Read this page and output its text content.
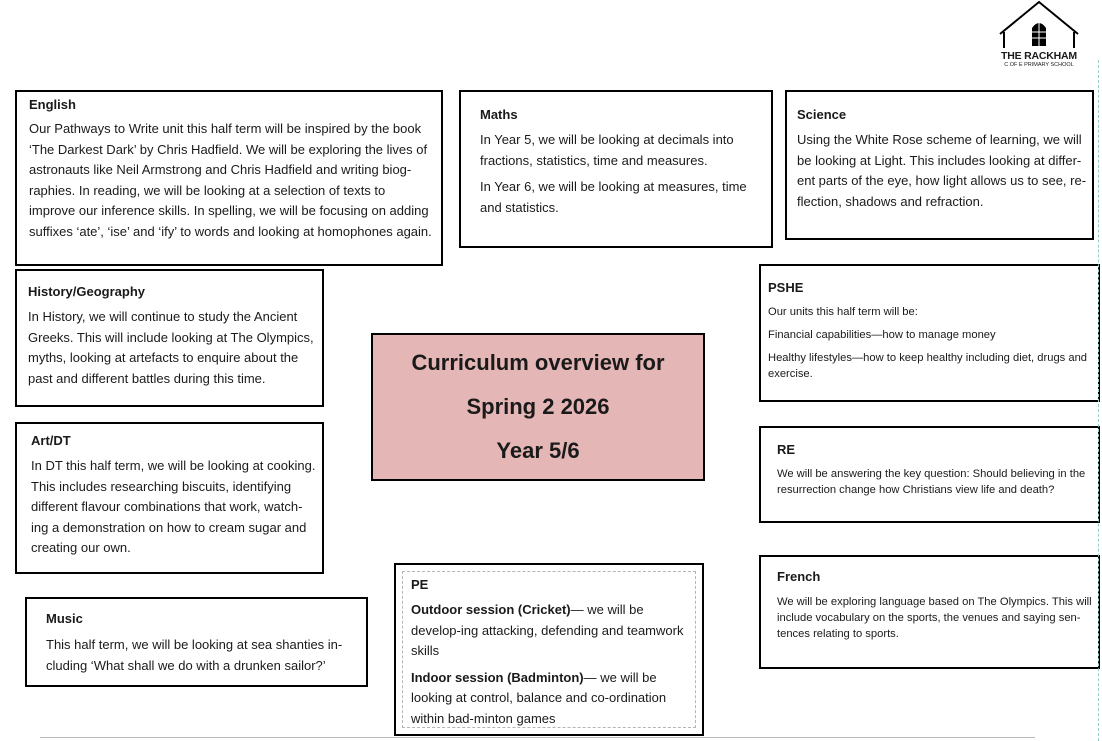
THE RACKHAM
C OF E PRIMARY SCHOOL
English
Our Pathways to Write unit this half term will be inspired by the book ‘The Darkest Dark’ by Chris Hadfield. We will be exploring the lives of astronauts like Neil Armstrong and Chris Hadfield and writing biog-raphies. In reading, we will be looking at a selection of texts to improve our inference skills. In spelling, we will be focusing on adding suffixes ‘ate’, ‘ise’ and ‘ify’ to words and looking at homophones again.
Maths

In Year 5, we will be looking at decimals into fractions, statistics, time and measures.

In Year 6, we will be looking at measures, time and statistics.

Science
Using the White Rose scheme of learning, we will be looking at Light. This includes looking at differ-ent parts of the eye, how light allows us to see, re-flection, shadows and refraction.
History/Geography
In History, we will continue to study the Ancient Greeks. This will include looking at The Olympics, myths, looking at artefacts to enquire about the past and different battles during this time.
PSHE

Our units this half term will be:

Financial capabilities—how to manage money

Healthy lifestyles—how to keep healthy including diet, drugs and exercise.

Curriculum overview for
Spring 2 2026
Year 5/6
Art/DT
In DT this half term, we will be looking at cooking. This includes researching biscuits, identifying different flavour combinations that work, watch-ing a demonstration on how to cream sugar and creating our own.
RE
We will be answering the key question: Should believing in the resurrection change how Christians view life and death?
Music
This half term, we will be looking at sea shanties in-cluding ‘What shall we do with a drunken sailor?’
PE

Outdoor session (Cricket)— we will be develop-ing attacking, defending and teamwork skills

Indoor session (Badminton)— we will be looking at control, balance and co-ordination within bad-minton games

French
We will be exploring language based on The Olympics. This will include vocabulary on the sports, the venues and saying sen-tences relating to sports.
